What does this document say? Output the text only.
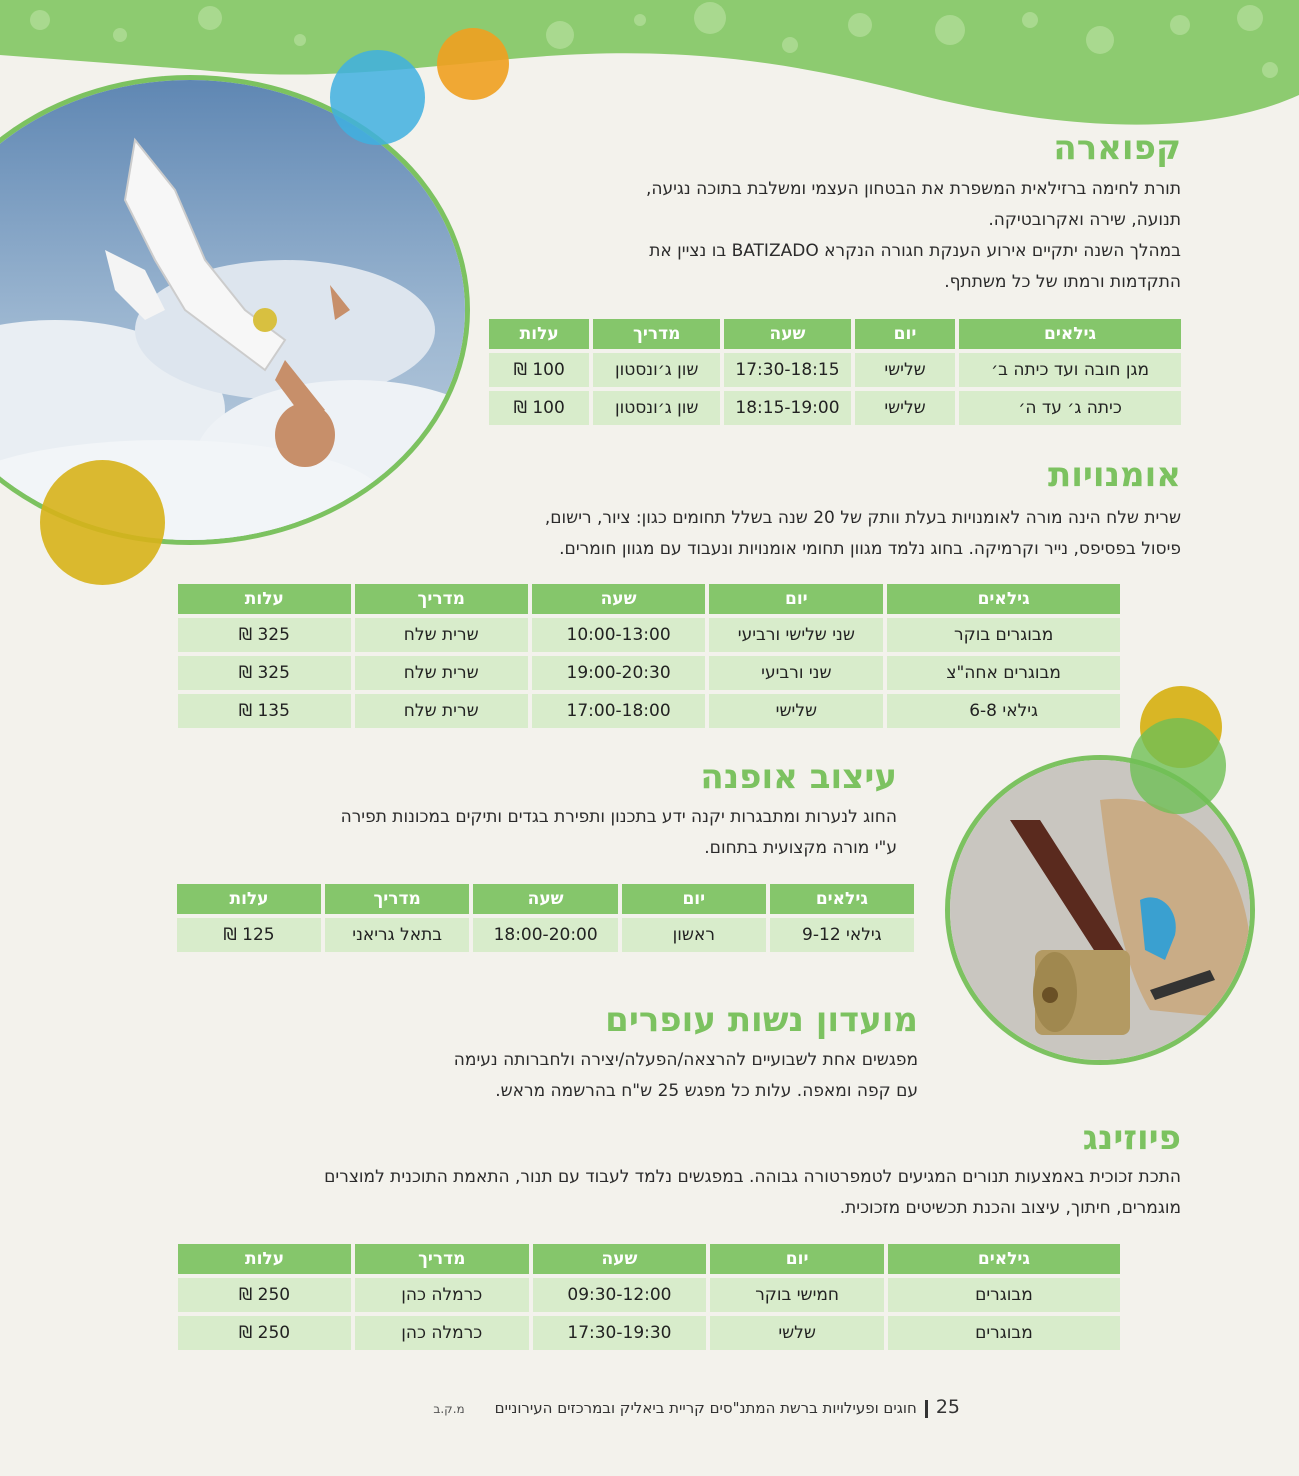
קפוארה
תורת לחימה ברזילאית המשפרת את הבטחון העצמי ומשלבת בתוכה נגיעה,
תנועה, שירה ואקרובטיקה.
במהלך השנה יתקיים אירוע הענקת חגורה הנקרא BATIZADO בו נציין את
התקדמות ורמתו של כל משתתף.
גילאים	יום	שעה	מדריך	עלות
מגן חובה ועד כיתה ב׳	שלישי	17:30-18:15	שון ג׳ונסטון	100 ₪
כיתה ג׳ עד ה׳	שלישי	18:15-19:00	שון ג׳ונסטון	100 ₪
אומנויות
שרית שלח הינה מורה לאומנויות בעלת וותק של 20 שנה בשלל תחומים כגון: ציור, רישום,
פיסול בפסיפס, נייר וקרמיקה. בחוג נלמד מגוון תחומי אומנויות ונעבוד עם מגוון חומרים.
גילאים	יום	שעה	מדריך	עלות
מבוגרים בוקר	שני שלישי ורביעי	10:00-13:00	שרית שלח	325 ₪
מבוגרים אחה"צ	שני ורביעי	19:00-20:30	שרית שלח	325 ₪
גילאי 6-8	שלישי	17:00-18:00	שרית שלח	135 ₪
עיצוב אופנה
החוג לנערות ומתבגרות יקנה ידע בתכנון ותפירת בגדים ותיקים במכונות תפירה
ע"י מורה מקצועית בתחום.
גילאים	יום	שעה	מדריך	עלות
גילאי 9-12	ראשון	18:00-20:00	בתאל גריאני	125 ₪
מועדון נשות עופרים
מפגשים אחת לשבועיים להרצאה/הפעלה/יצירה ולחברותה נעימה
עם קפה ומאפה. עלות כל מפגש 25 ש"ח בהרשמה מראש.
פיוזינג
התכת זכוכית באמצעות תנורים המגיעים לטמפרטורה גבוהה. במפגשים נלמד לעבוד עם תנור, התאמת התוכנית למוצרים
מוגמרים, חיתוך, עיצוב והכנת תכשיטים מזכוכית.
גילאים	יום	שעה	מדריך	עלות
מבוגרים	חמישי בוקר	09:30-12:00	כרמלה כהן	250 ₪
מבוגרים	שלשי	17:30-19:30	כרמלה כהן	250 ₪
25חוגים ופעילויות ברשת המתנ"סים קריית ביאליק ובמרכזים העירונייםמ.ק.ב
